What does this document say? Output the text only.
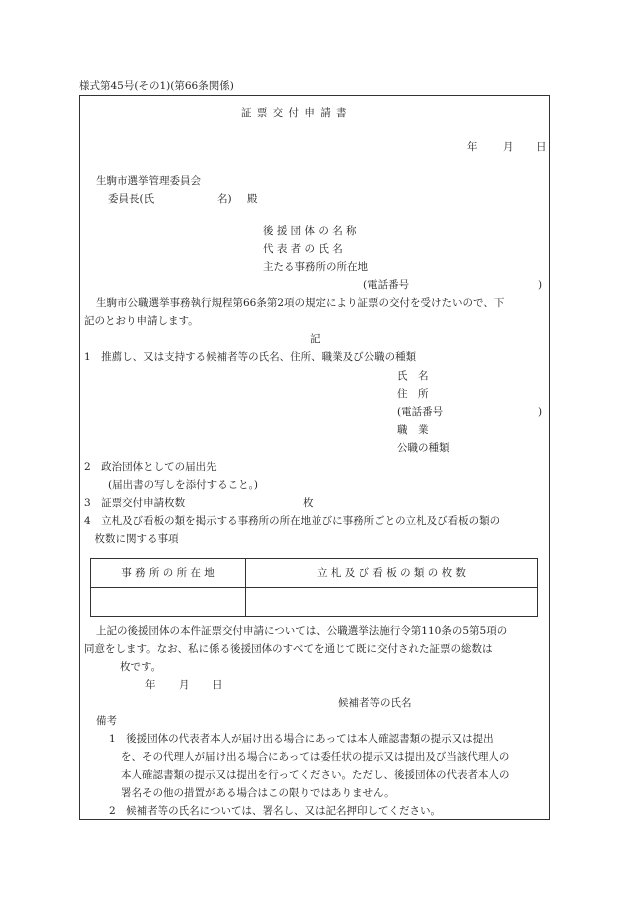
様式第45号(その1)(第66条関係)
証 票 交 付 申 請 書
年 月 日
生駒市選挙管理委員会
委員長(氏	名) 殿
後 援 団 体 の 名 称
代 表 者 の 氏 名
主たる事務所の所在地
(電話番号	)
生駒市公職選挙事務執行規程第66条第2項の規定により証票の交付を受けたいので、下
記のとおり申請します。
記
1　推薦し、又は支持する候補者等の氏名、住所、職業及び公職の種類
氏　名
住　所
(電話番号	)
職　業
公職の種類
2　政治団体としての届出先
(届出書の写しを添付すること。)
3　証票交付申請枚数	枚
4　立札及び看板の類を掲示する事務所の所在地並びに事務所ごとの立札及び看板の類の
　枚数に関する事項
事 務 所 の 所 在 地	立 札 及 び 看 板 の 類 の 枚 数

上記の後援団体の本件証票交付申請については、公職選挙法施行令第110条の5第5項の
同意をします。なお、私に係る後援団体のすべてを通じて既に交付された証票の総数は
枚です。
年 月 日
候補者等の氏名
備考
1　後援団体の代表者本人が届け出る場合にあっては本人確認書類の提示又は提出
を、その代理人が届け出る場合にあっては委任状の提示又は提出及び当該代理人の
本人確認書類の提示又は提出を行ってください。ただし、後援団体の代表者本人の
署名その他の措置がある場合はこの限りではありません。
2　候補者等の氏名については、署名し、又は記名押印してください。
